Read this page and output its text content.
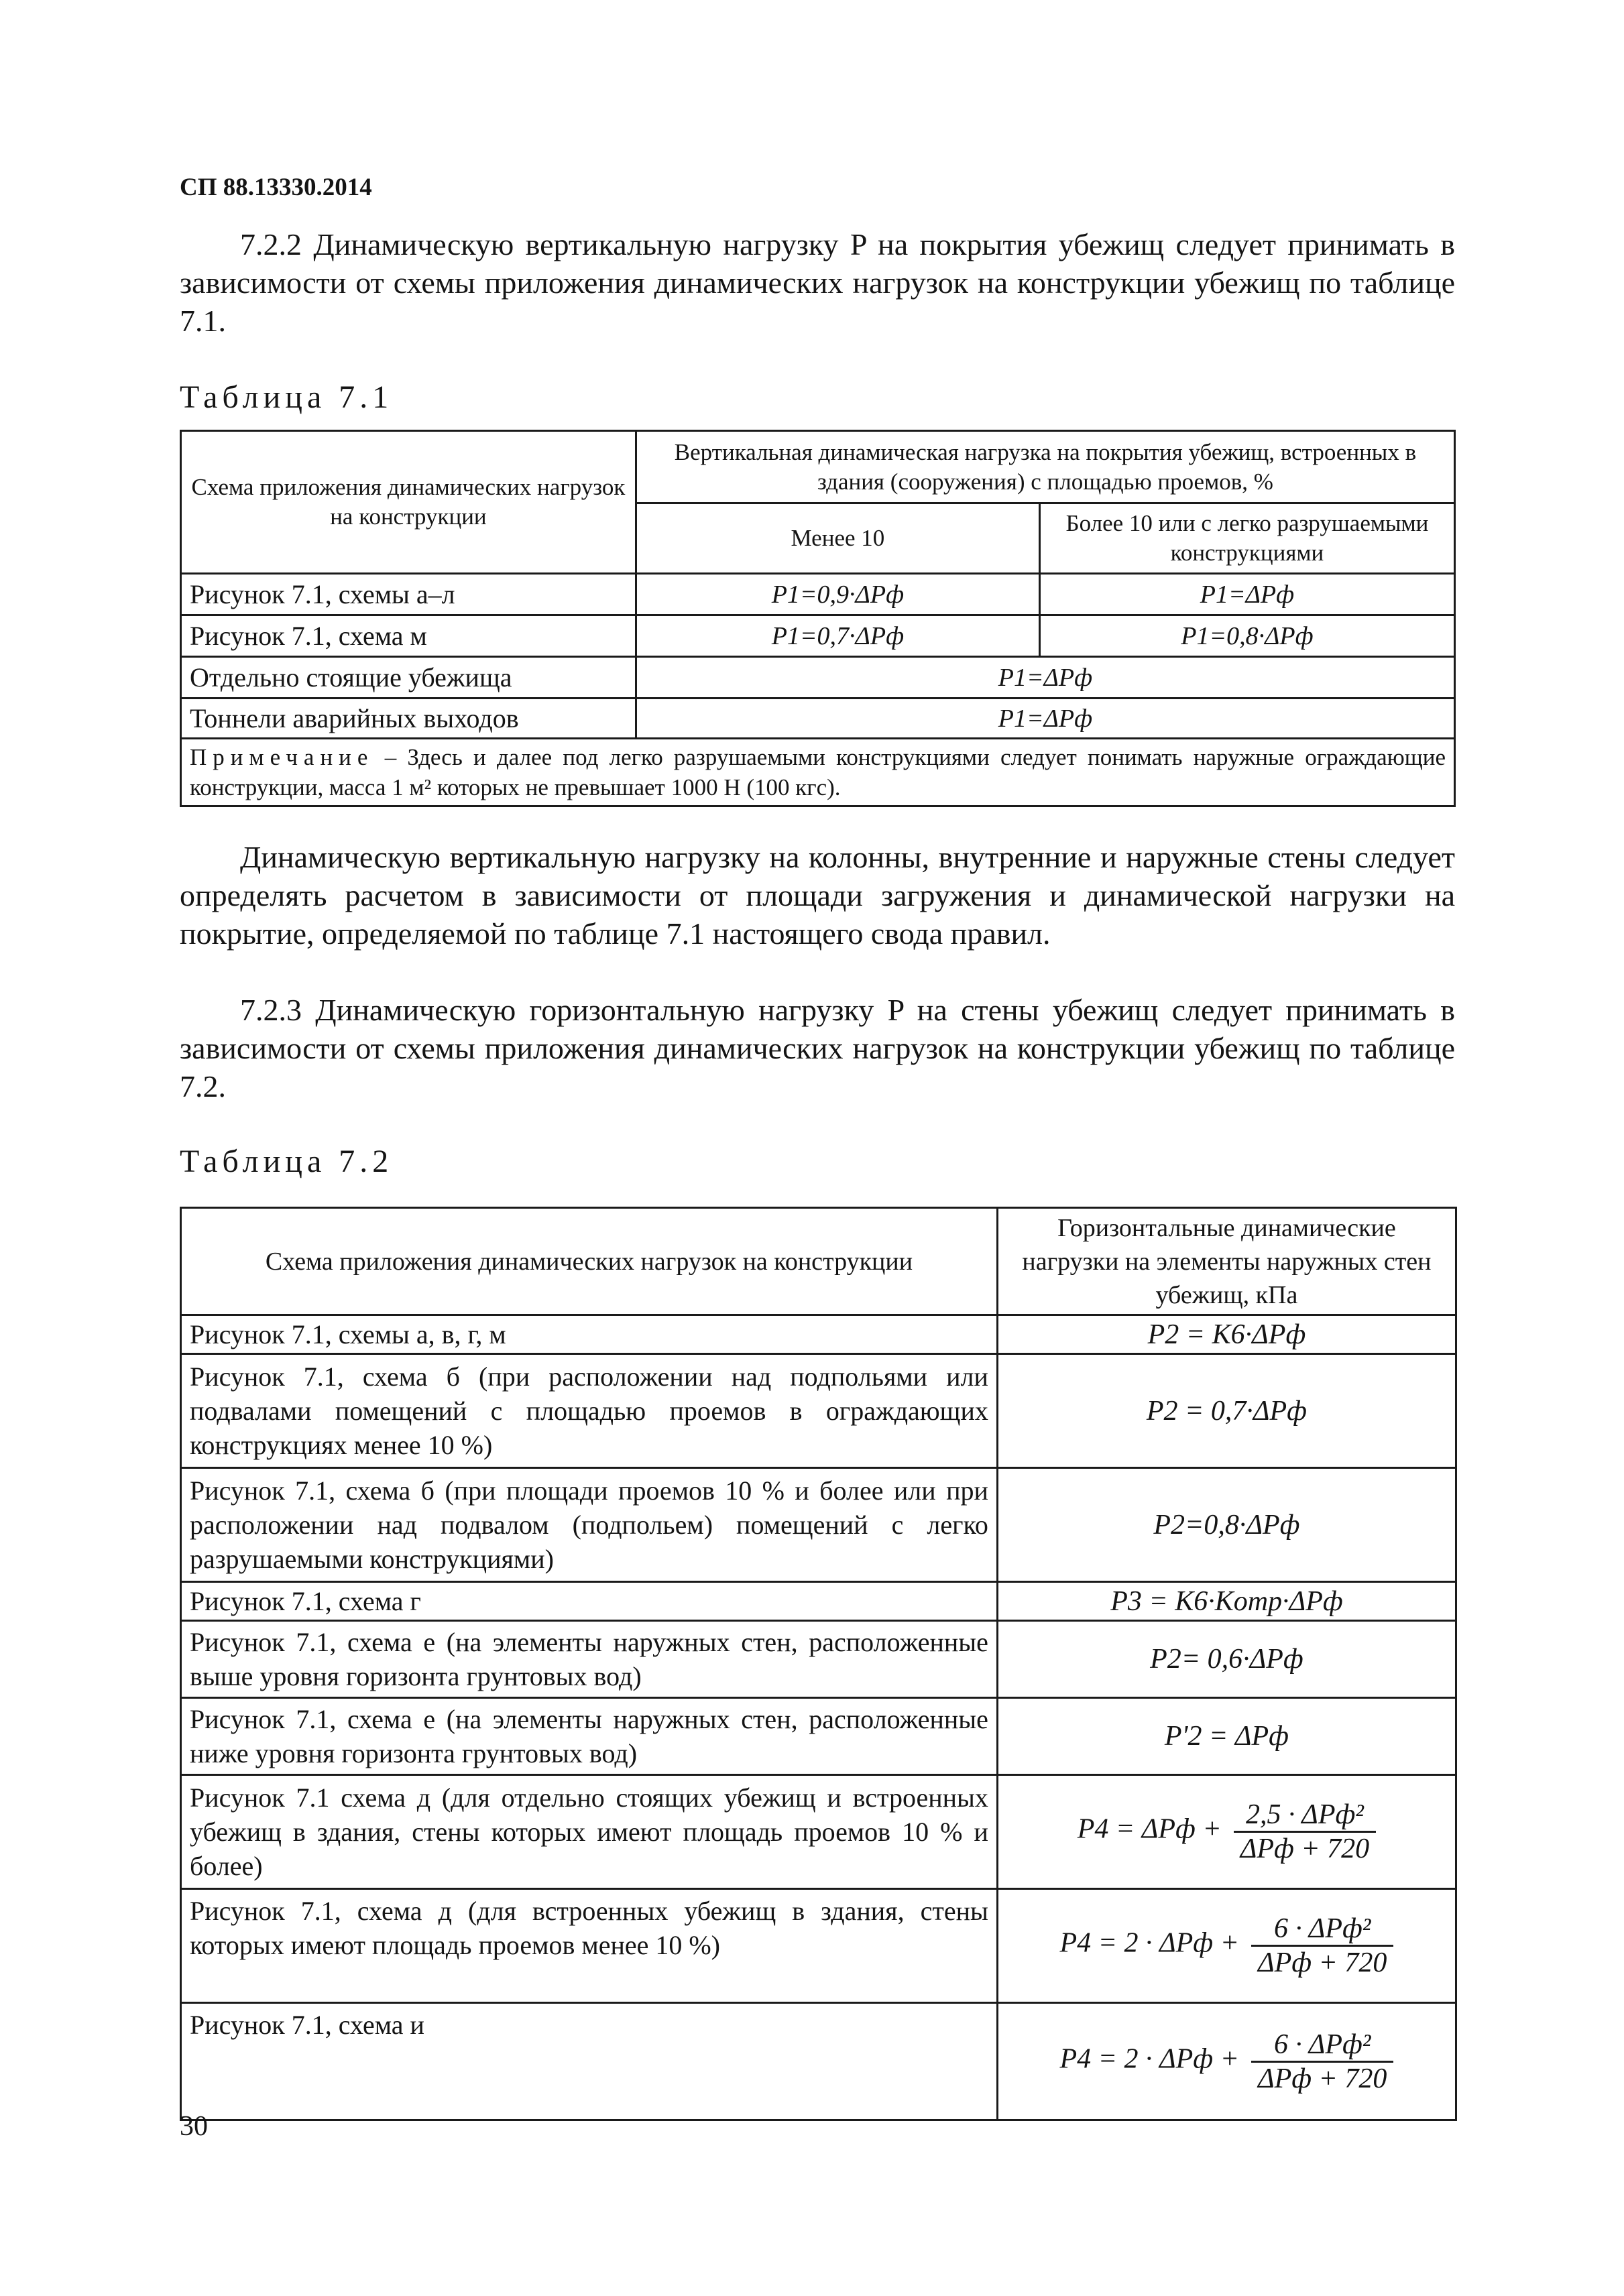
СП 88.13330.2014
7.2.2 Динамическую вертикальную нагрузку P на покрытия убежищ следует принимать в зависимости от схемы приложения динамических нагрузок на конструкции убежищ по таблице 7.1.
Таблица 7.1
Схема приложения динамических нагрузок на конструкции	Вертикальная динамическая нагрузка на покрытия убежищ, встроенных в здания (сооружения) с площадью проемов, %	
	Менее 10	Более 10 или с легко разрушаемыми конструкциями
Рисунок 7.1, схемы а–л	P1=0,9·ΔPф	P1=ΔPф
Рисунок 7.1, схема м	P1=0,7·ΔPф	P1=0,8·ΔPф
Отдельно стоящие убежища	P1=ΔPф	
Тоннели аварийных выходов	P1=ΔPф	
Примечание – Здесь и далее под легко разрушаемыми конструкциями следует понимать наружные ограждающие конструкции, масса 1 м² которых не превышает 1000 Н (100 кгс).		
Динамическую вертикальную нагрузку на колонны, внутренние и наружные стены следует определять расчетом в зависимости от площади загружения и динамической нагрузки на покрытие, определяемой по таблице 7.1 настоящего свода правил.
7.2.3 Динамическую горизонтальную нагрузку P на стены убежищ следует принимать в зависимости от схемы приложения динамических нагрузок на конструкции убежищ по таблице 7.2.
Таблица 7.2
Схема приложения динамических нагрузок на конструкции	Горизонтальные динамические нагрузки на элементы наружных стен убежищ, кПа
Рисунок 7.1, схемы а, в, г, м	P2 = K6·ΔPф
Рисунок 7.1, схема б (при расположении над подпольями или подвалами помещений с площадью проемов в ограждающих конструкциях менее 10 %)	P2 = 0,7·ΔPф
Рисунок 7.1, схема б (при площади проемов 10 % и более или при расположении над подвалом (подпольем) помещений с легко разрушаемыми конструкциями)	P2=0,8·ΔPф
Рисунок 7.1, схема г	P3 = K6·Kотр·ΔPф
Рисунок 7.1, схема е (на элементы наружных стен, расположенные выше уровня горизонта грунтовых вод)	P2= 0,6·ΔPф
Рисунок 7.1, схема е (на элементы наружных стен, расположенные ниже уровня горизонта грунтовых вод)	P'2 = ΔPф
Рисунок 7.1 схема д (для отдельно стоящих убежищ и встроенных убежищ в здания, стены которых имеют площадь проемов 10 % и более)	$P4 = \Delta Pф + \frac{\text{2,5 · ΔPф²}}{\text{ΔPф + 720}}$

Рисунок 7.1, схема д (для встроенных убежищ в здания, стены которых имеют площадь проемов менее 10 %)	$P4 = 2 \cdot \Delta Pф + \frac{\text{6 · ΔPф²}}{\text{ΔPф + 720}}$

Рисунок 7.1, схема и	$P4 = 2 \cdot \Delta Pф + \frac{\text{6 · ΔPф²}}{\text{ΔPф + 720}}$
30
